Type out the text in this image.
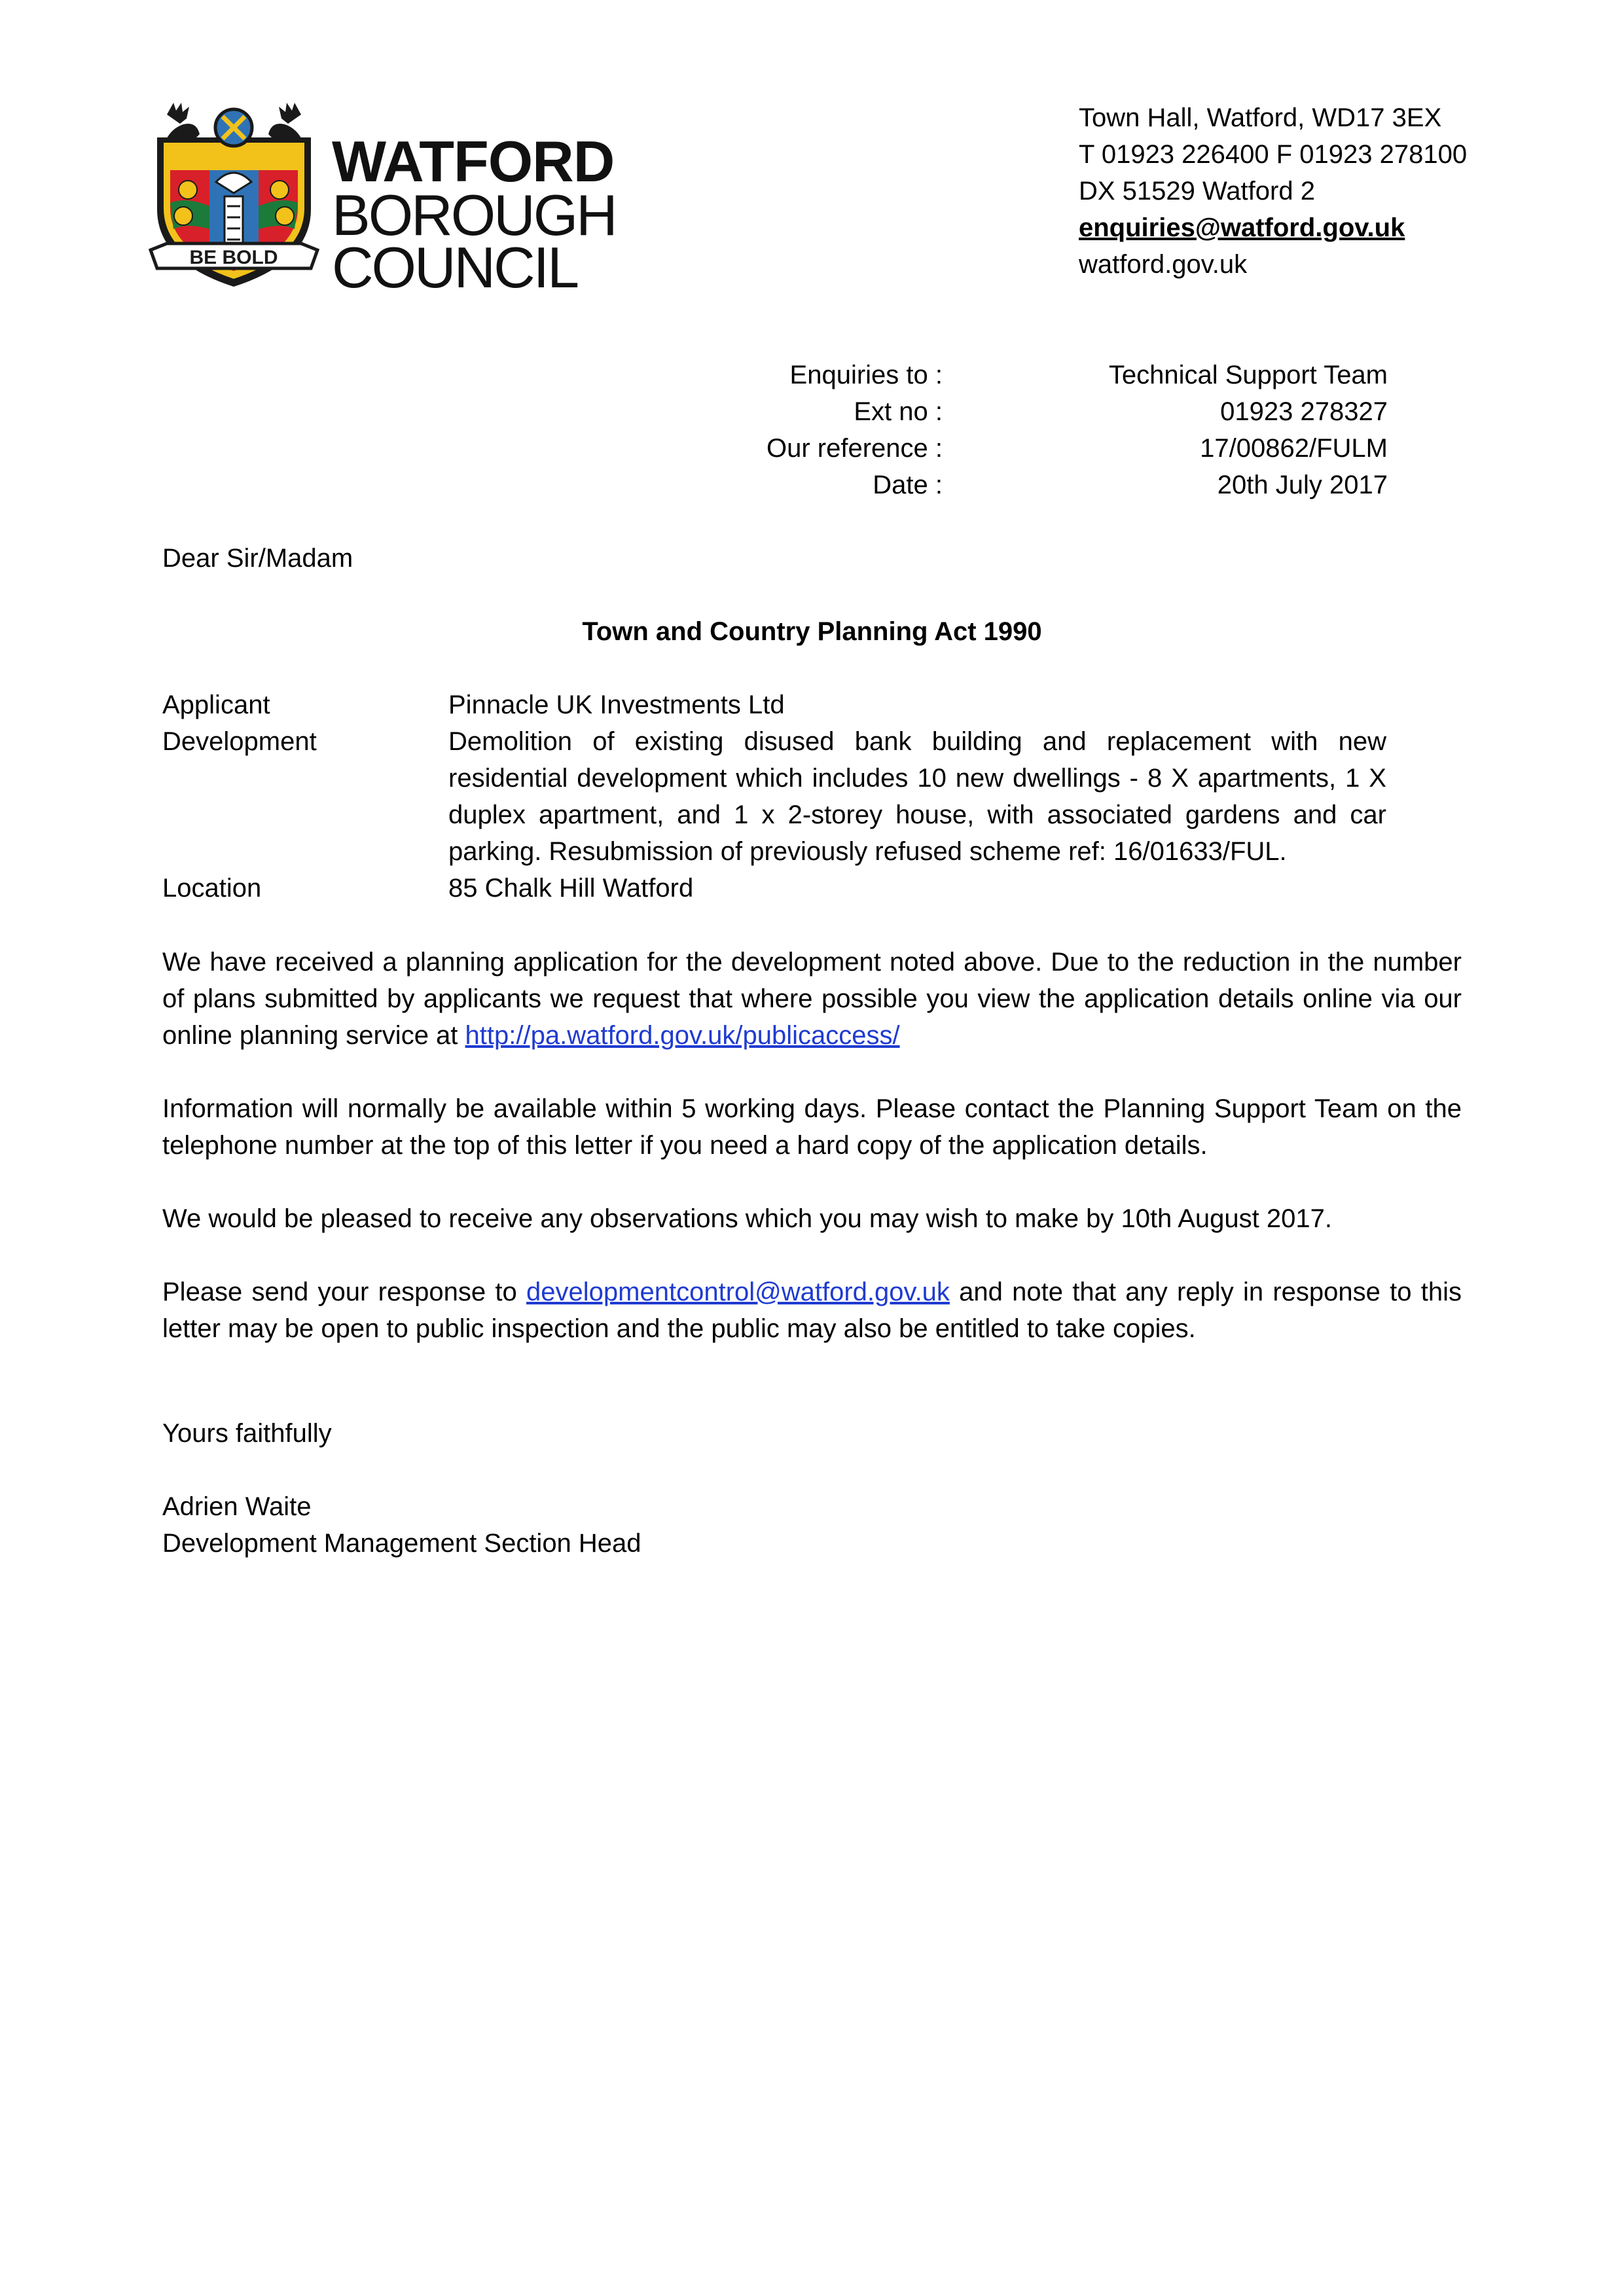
BE BOLD
WATFORD
BOROUGH
COUNCIL
Town Hall, Watford, WD17 3EX
T 01923 226400 F 01923 278100
DX 51529 Watford 2
enquiries@watford.gov.uk
watford.gov.uk
Enquiries to :	Technical Support Team
Ext no :	01923 278327
Our reference :	17/00862/FULM
Date :	20th July 2017
Dear Sir/Madam
Town and Country Planning Act 1990
Applicant	Pinnacle UK Investments Ltd
Development	Demolition of existing disused bank building and replacement with new residential development which includes 10 new dwellings - 8 X apartments, 1 X duplex apartment, and 1 x 2-storey house, with associated gardens and car parking. Resubmission of previously refused scheme ref: 16/01633/FUL.
Location	85 Chalk Hill Watford
We have received a planning application for the development noted above. Due to the reduction in the number of plans submitted by applicants we request that where possible you view the application details online via our online planning service at http://pa.watford.gov.uk/publicaccess/
Information will normally be available within 5 working days. Please contact the Planning Support Team on the telephone number at the top of this letter if you need a hard copy of the application details.
We would be pleased to receive any observations which you may wish to make by 10th August 2017.
Please send your response to developmentcontrol@watford.gov.uk and note that any reply in response to this letter may be open to public inspection and the public may also be entitled to take copies.
Yours faithfully
Adrien Waite
Development Management Section Head
